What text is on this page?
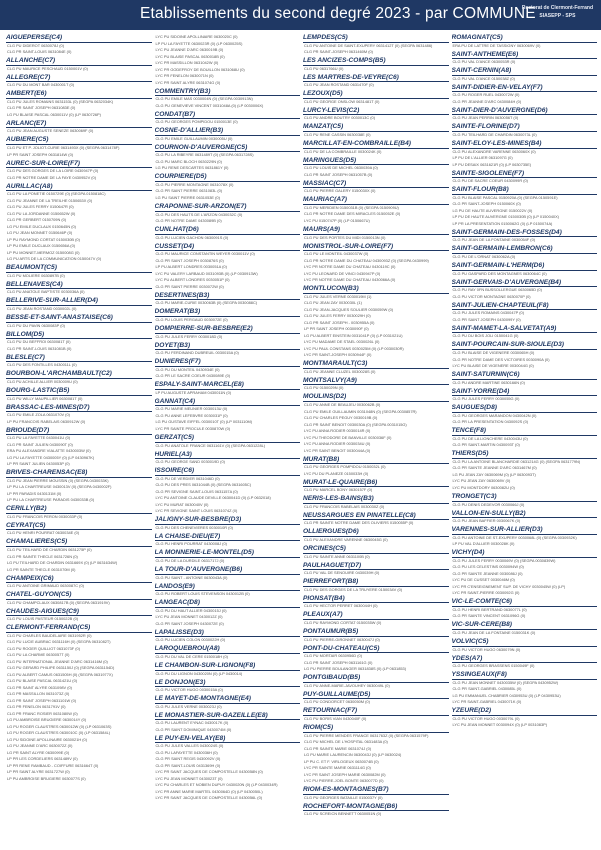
Etablissements du second degré 2023 - par COMMUNE
Rectorat de Clermont-Ferrand
SIASEPP - SPS
AIGUEPERSE(C4)
CLG PU DIDEROT 0630078J (0)
CLG PR SAINT-LOUIS 0631084E (0)
ALLANCHE(C7)
CLG PU MAURICE PESCHAUD 0150001V (0)
ALLEGRE(C7)
CLG PU DU MONT BAR 0430001T (0)
AMBERT(E6)
CLG PU JULES ROMAINS 0631153L (0) (SEGPA 0632034K)
CLG PR SAINT JOSEPH 0631083E (0)
LG PU BLAISE PASCAL 0630011V (0) (LP 0630726P)
ARLANC(E7)
CLG PU JEAN AUGUSTE SENEZE 0630069F (0)
AUBIERE(C5)
CLG PU ET P. JOLIOT-CURIE 0631493X (0) (SEGPA 0631478F)
LP PR SAINT JOSEPH 0631814W (0)
AUREC-SUR-LOIRE(F7)
CLG PU DES GORGES DE LA LOIRE 0430947P (0)
CLG PR NOTRE DAME DE LA FAYE 0430952V (0)
AURILLAC(A8)
CLG PU LA PONETIE 0150729E (0) (SEGPA 0150818C)
CLG PU JEANNE DE LA TREILHE 0150653X (0)
CLG PU JULES FERRY 0150647R (0)
CLG PU LA JORDANNE 0150652W (0)
CLG PR GERBERT 0150709N (0)
LG PU EMILE DUCLAUX 0150645N (0)
LG PU JEAN MONNET 0150646P (0)
LP PU RAYMOND CORTAT 0150030B (0)
LP PU EMILE DUCLAUX 0150656A (0)
LP PU MONNET-MERMOZ 0150008G (0)
LG PU ARTS DE LA COMMUNICATION 0150047V (0)
BEAUMONT(C5)
CLG PU MOLIERE 0630897B (0)
BELLENAVES(C4)
CLG PU ANATOLE BAPTISTE 0030036A (0)
BELLERIVE-SUR-ALLIER(D4)
CLG PU JEAN ROSTAND 0030002L (0)
BESSE-ET-SAINT-ANASTAISE(C6)
CLG PU DU PAVIN 0630083P (0)
BILLOM(D5)
CLG PU DU BEFFROI 0630081T (0)
CLG PR SAINT-LOUIS 0631081B (0)
BLESLE(C7)
CLG PU DES FONTILLES 0430011L (0)
BOURBON-L'ARCHAMBAULT(C2)
CLG PU ACHILLE ALLIER 0030009U (0)
BOURG-LASTIC(B5)
CLG PU WILLY MAUPILLIER 0630081T (0)
BRASSAC-LES-MINES(D7)
CLG PU EMILE ZOLA 0631070V (0)
LP PU FRANCOIS RABELAIS 0630912W (0)
BRIOUDE(D7)
CLG PU LA FAYETTE 0430041U (0)
CLG PR SAINT JULIEN 0430090T (0)
ERA PU ALEXANDRE VIALATTE 0430003W (0)
LG PU LA FAYETTE 0430005Y (0) (LP 0430967K)
LP PR SAINT JULIEN 0430053P (0)
BRIVES-CHARENSAC(E8)
CLG PU JEAN PIERRE MOUSSIN (0) (SEGPA 0430033K)
LP PU LA CHARTREUSE 0430013V (0) (SEGPA 0430002F)
LP PR PARADIS 0430131M (0)
LP PU LA CHARTREUSE PARADIS 0430033B (0)
CERILLY(B2)
CLG PU FRANCOIS PERON 0030033P (0)
CEYRAT(C5)
CLG PU HENRI POURRAT 0630034E (0)
CHAMALIERES(C5)
CLG PU TEILHARD DE CHARDIN 0631275P (0)
CLG PR SAINTE THECLE 0631726N (0)
LG PU TEILHARD DE CHARDIN 0631669X (0) (LP 0631634W)
LG PR SAINTE THECLE 0631070M (0)
CHAMPEIX(C6)
CLG PU ANTOINE GRIMAUD 0630087C (0)
CHATEL-GUYON(C5)
CLG PU CHAMPCLAUX 0630817B (0) (SEGPA 0631919V)
CHAUDES-AIGUES(C9)
CLG PU LOUIS PASTEUR 0150022B (0)
CLERMONT-FERRAND(C5)
CLG PU CHARLES BAUDELAIRE 0631952R (0)
CLG PU LUCIE AUBRAC 0631116H (0) (SEGPA 0631082T)
CLG PU ROGER QUILLIOT 0631073F (0)
CLG PU LA CHARME 0630057T (0)
CLG PU INTERNATIONAL JEANNE D'ARC 0631416M (0)
CLG PU GERARD PHILIPE 0631150J (0) (SEGPA 0631154D)
CLG PU ALBERT CAMUS 0631505H (0) (SEGPA 0631977X)
CLG PU BLAISE PASCAL 0631421U (0)
CLG PR SAINT ALYRE 0631098V (0)
CLG PR MASSILLON 0631073Z (0)
CLG PR SAINT JOSEPH 0631101W (0)
CLG PR FENELON 0631791V (0)
CLG PR FRANC ROSIER 0631080W (0)
LG PU AMBROISE BRUGIERE 0630014Y (0)
LG PU ROGER CLAUSTRES 0630012W (0) (LP 0631063S)
LG PU ROGER CLAUSTRES 0630010C (0) (LP 0631584L)
LG PU SIDOINE APOLLINAIRE 0630021H (0)
LG PU JEANNE D'ARC 0630072Z (0)
LG PR SAINT ALYRE 0630099E (0)
LP PR LES CORDELIERS 0631489V (0)
LP PR RENE RAMBAUD - COIFFURE 0631664T (0)
LP PR SAINT ALYRE 0631727W (0)
LP PU AMBROISE BRUGIERE 0630077S (0)
LYC PU SIDOINE APOLLINAIRE 0630020C (0)
LP PU LA FAYETTE 0630023R (0) (LP 0630025S)
LYC PU JEANNE D'ARC 0630019B (0)
LYC PU BLAISE PASCAL 0630018B (0)
LYC PR MASSILLON 0631042W (0)
LYC PR GODEFROY DE BOUILLON 0631068U (0)
LYC PR FENELON 0630071N (0)
LYC PR SAINT ALYRE 0631074G (0)
COMMENTRY(B3)
CLG PU EMILE MAS 0030004N (0) (SEGPA 0030913N)
CLG PU GENEVIEVE VINCENT 0031048A (0) (LP 0030006X)
CONDAT(B7)
CLG PU GEORGES POMPIDOU 0150013E (0)
COSNE-D'ALLIER(B3)
CLG PU EMILE GUILLAUMIN 0030005U (0)
COURNON-D'AUVERGNE(C5)
CLG PU LA RIBEYRE 0631489T (0) (SEGPA 0631728S)
CLG PU MARC BLOCH 0630229N (0)
LG PU RENE DESCARTES 0631861Y (0)
COURPIERE(D5)
CLG PU PIERRE MONTAGNE 0631078X (0)
CLG PR SAINT PIERRE 0631083L (0)
LG PU SAINT PIERRE 0631053E (0)
CRAPONNE-SUR-ARZON(E7)
CLG PU DES HAUTS DE L'ARZON 0430032C (0)
CLG PR NOTRE DAME 0430089B (0)
CUNLHAT(D6)
CLG PU LUCIEN GACHON 0630091S (0)
CUSSET(D4)
CLG PU MAURICE CONSTANTIN WEYER 0030011V (0)
CLG PR SAINT JOSEPH 0030876S (0)
LP PU ALBERT LONDRES 0030051A (0)
LYC PU VALERY LARBAUD 0031093B (0) (LP 0030913W)
LYC PU ALBERT LONDRES 0030051P (0)
CLG PR SAINT PIERRE 0030072W (0)
DESERTINES(B3)
CLG PU MARIE-CURIE 0030063B (0) (SEGPA 0030088C)
DOMERAT(B3)
CLG PU LOUIS PERGAUD 0030072E (0)
DOMPIERRE-SUR-BESBRE(E2)
CLG PU JULES FERRY 0030018D (0)
DOYET(B3)
CLG PU FERDINAND DUBREUIL 0030015A (0)
DUNIERES(F7)
CLG PU DU MONTEIL 0430934E (0)
CLG PR LE SACRE COEUR 0430089E (0)
ESPALY-SAINT-MARCEL(E8)
LP PU AUGUSTE APRAHAM 0430011N (0)
GANNAT(C4)
CLG PU MARIE MEUNIER 0030013U (0)
CLG PU ANNE LEFEBVRE 0030031P (0)
LG PU GUSTAVE EIFFEL 0030010T (0) (LP 0031110M)
LYC PR SAINTE PROCULE 0030870W (0)
GERZAT(C5)
CLG PU ANATOLE FRANCE 0631161V (0) (SEGPA 0631228L)
HURIEL(A3)
CLG PU GEORGE SAND 0030019D (0)
ISSOIRE(C6)
CLG PU DE VERDIER 0631046D (0)
CLG PU DES PRES 0631044B (0) (SEGPA 0631605C)
CLG PR SEVIGNE SAINT-LOUIS 0631157A (0)
LYC PU ANTOINE CLAUDE DEVILLE 0630041D (0) (LP 0632018)
LYC PU MURAT 0630040V (0)
LYC PR SEVIGNE SAINT LOUIS 0631074Z (0)
JALIGNY-SUR-BESBRE(D3)
CLG PU DES CHENEVIERES 0030010R (0)
LA CHAISE-DIEU(E7)
CLG PU HENRI POURRAT 0430008J (0)
LA MONNERIE-LE-MONTEL(D5)
CLG PU DE LA DURDILE 0631717J (0)
LA TOUR-D'AUVERGNE(B6)
CLG PU SAINT - ANTOINE 0630043A (0)
LANDOS(E9)
CLG PU ROBERT LOUIS STEVENSON 0430012B (0)
LANGEAC(D8)
CLG PU DU HAUT ALLIER 0430015J (0)
LYC PU JEAN MONNET 0430012Z (0)
CLG PR SAINT JOSEPH 0430072E (0)
LAPALISSE(D3)
CLG PU LUCIEN COLON 0030022H (0)
LAROQUEBROU(A8)
CLG PU DU VAL DE CERE 0150018H (0)
LE CHAMBON-SUR-LIGNON(F8)
CLG PU DU LIGNON 0430020N (0) (LP 0430014)
LE DONJON(E3)
CLG PU VICTOR HUGO 0030015A (0)
LE MAYET-DE-MONTAGNE(E4)
CLG PU JULES VERNE 0030023J (0)
LE MONASTIER-SUR-GAZEILLE(E8)
CLG PU LAURENT EYNAC 0430017K (0)
CLG PR SAINT DOMINIQUE 0430074M (0)
LE PUY-EN-VELAY(E8)
CLG PU JULES VALLES 0430024S (0)
CLG PU LAFAYETTE 0430036H (0)
CLG PR SAINT REGIS 0430092V (0)
CLG PR SAINT-LOUIS 0431369H (0)
LYC PR SAINT JACQUES DE COMPOSTELLE 0430058N (0)
LYC PU JEAN MONNET 0430023T (0)
LYC PU CHARLES ET NOBIEN DUPUY 0430020N (0) (LP 0430034R)
LYC PR ANNE MARIE MARTEL 0430064D (0) (LP 0430050L)
LYC PR SAINT JACQUES DE COMPOSTELLE 0430056L (0)
LEMPDES(C5)
CLG PU ANTOINE DE SAINT-EXUPERY 0631412T (0) (SEGPA 0631486)
CLG PR SAINT-JOSEPH 0631460M (0)
LES ANCIZES-COMPS(B5)
CLG PU 0631766U (0)
LES MARTRES-DE-VEYRE(C6)
CLG PU JEAN ROSTAND 0631470F (0)
LEZOUX(D5)
CLG PU GEORGE ONSLOW 0631481T (0)
LURCY-LEVIS(C2)
CLG PU ANDRE BOUTRY 0030013C (0)
MANZAT(C5)
CLG PU RENE CASSIN 0630038E (0)
MARCILLAT-EN-COMBRAILLE(B4)
CLG PU DE LA COMBRAILLE 0030024K (0)
MARINGUES(D5)
CLG PU LOUIS DE MICHEL 0630039A (0)
CLG PR SAINT JOSEPH 0631057B (0)
MASSIAC(C7)
CLG PU PIERRE GALERY 0150030X (0)
MAURIAC(A7)
CLG PU MERIDIEN 0150031B (0) (SEGPA 0150909U)
CLG PR NOTRE DAME DES MIRACLES 0150052E (0)
LYC PU 0150747P (0) (LP 0150667U)
MAURS(A9)
CLG PU DES PORTES DU MIDI 0150013N (0)
MONISTROL-SUR-LOIRE(F7)
CLG PU LE MONTEIL 0430037W (0)
CLG PR NOTRE DAME DU CHATEAU 0430093Z (0) (SEGPA 0430999)
LYC PR NOTRE DAME DU CHATEAU 0430119C (0)
LYC PU LEONARD DE VINCI 0430947P (0)
LYC PR NOTRE DAME DU CHATEAU 0430066A (0)
MONTLUCON(B3)
CLG PU JULES VERNE 0030019M (1)
CLG PU JEAN ZAY 0030030L (1)
CLG PU JEAN-JACQUES SOULIER 0030059W (0)
CLG PU JULES FERRY 0030029H (0)
CLG PR SAINT JOSEPH - 0030955A (0)
LP PR SAINT JOSEPH 0030090F (0)
LG PU ALBERT EINSTEIN 0031041P (0) (LP 0031021U)
LYC PU MADAME DE STAEL 0030026L (0)
LYC PU PAUL CONSTANS 0030025M (0) (LP 0030030R)
LYC PR SAINT-JOSEPH 0030944F (0)
MONTMARAULT(C3)
CLG PU JEANNE CLUZEL 0030028S (0)
MONTSALVY(A9)
CLG PU 0150029N (0)
MOULINS(D2)
CLG PU ANNE DE BEAUJEU 0030062B (0)
CLG PU EMILE GUILLAUMIN 0031048N (0) (SEGPA 0030857R)
CLG PU CHARLES PEGUY 0030019B (0)
CLG PR SAINT BENOIT 0030030A (0) (SEGPA 0031015G)
LYC PU ANNA RODIER 0030014R (0)
LYC PU THEODORE DE BANVILLE 0030036F (0)
LYC PU ANNA RODIER 0030034U (0)
LYC PR SAINT BENOIT 0030044A (0)
MURAT(B8)
CLG PU GEORGES POMPIDOU 0150032L (0)
LYC PU DU PLANEZE 0150033H (0)
MURAT-LE-QUAIRE(B6)
CLG PU MARCEL BONY 0630157F (0)
NERIS-LES-BAINS(B3)
CLG PU FRANCOIS RABELAIS 0030030Z (0)
NEUSSARGUES EN PINATELLE(C8)
CLG PR SAINTE NOTRE DAME DES OLIVIERS 0150055P (0)
OLLIERGUES(D6)
CLG PU ALEXANDRE VARENNE 0630045G (0)
ORCINES(C5)
CLG PU SAINTE ANNE 0631100B (0)
PAULHAGUET(D7)
CLG PU VAL DE SENOUIRE 0430039H (0)
PIERREFORT(B8)
CLG PU DES GORGES DE LA TRUYERE 0150034V (0)
PIONSAT(B4)
CLG PU HECTOR PERRET 0630044H (0)
PLEAUX(A7)
CLG PU RAYMOND CORTAT 0150035W (0)
PONTAUMUR(B5)
CLG PU PIERRE-GIRONNET 0630047J (0)
PONT-DU-CHATEAU(C5)
CLG PU MORTAIR 0630956D (0)
CLG PR SAINT JOSEPH 0631161G (0)
LG PU PIERRE BOULANGER 0631838S (0) (LP 0631853)
PONTGIBAUD(B5)
CLG PU ANNE-MARIE-JAVOUHEY 0630049L (0)
PUY-GUILLAUME(D5)
CLG PU CONDORCET 0630050M (0)
RETOURNAC(F7)
CLG PU BORIS VIAN 0430040F (0)
RIOM(C5)
CLG PU PIERRE MENDES FRANCE 0631763Z (0) (SEGPA 0631579F)
CLG PU MICHEL DE L'HOSPITAL 0631483A (0)
CLG PR SAINTE MARIE 0631074J (0)
LG PU MARIE LAURENCIN 0630043J (0) (LP 0630024)
LP PU C. ET F. VIRLOGEUX 0630074B (0)
LYC PR SAINTE MARIE 0631114G (0)
LYC PR SAINT JOSEPH MARIE 0630082M (0)
LYC PU PIERRE-JOEL BONTE 0630077D (0)
RIOM-ES-MONTAGNES(B7)
CLG PU GEORGES BATAILLE 0150037Y (0)
ROCHEFORT-MONTAGNE(B6)
CLG PU SCREICN BENNETT 0630051N (0)
ROMAGNAT(C5)
ERA PU DE LATTRE DE TASSIGNY 0630069V (0)
SAINT-ANTHEME(E6)
CLG PU VAL D'ANCE 0630053R (0)
SAINT-CERNIN(A8)
CLG PU VAL D'ANCE 0150038Z (0)
SAINT-DIDIER-EN-VELAY(F7)
CLG PU ROGER RUEL 0430072W (0)
CLG PR JEANNE D'ARC 0430084H (0)
SAINT-DIER-D'AUVERGNE(D6)
CLG PU JEAN PERRIN 0630056T (0)
SAINTE-FLORINE(D7)
CLG PU TEILHARD DE CHARDIN 0630073L (0)
SAINT-ELOY-LES-MINES(B4)
CLG PU ALEXANDRE VARENNE 0630060X (0)
LP PU DE L'ALLIER 0631097G (0)
LP PU DESAIX 0631621R (0) (LP 0630735E)
SAINTE-SIGOLENE(F7)
CLG PU DE SACRE COEUR 0430099R (0)
SAINT-FLOUR(B8)
CLG PU BLAISE PASCAL 0150920A (0) (SEGPA 0150591E)
CLG PR SAINT-JOSEPH 0150060X (0)
LG PU DE HAUTE AUVERGNE 0150022V (0)
LP PU DE HAUTE AUVERGNE 0150030B (0) (LP 0150040X)
LP PR LA PRESENTATION 0150062G (0) (LP 0150074A)
SAINT-GERMAIN-DES-FOSSES(D4)
CLG PU JEAN DE LA FONTAINE 0030054F (0)
SAINT-GERMAIN-LEMBRON(C6)
CLG PU DE L'ORNAT 0630062A (0)
SAINT-GERMAIN-L'HERM(D6)
CLG PU GASPARD DES MONTAGNES 0630064C (0)
SAINT-GERVAIS-D'AUVERGNE(B4)
CLG PU RAY 0FN BUSSOLLERGUE 0630065D (0)
CLG PU VICTOR MONTAGNE 0630070P (0)
SAINT-JULIEN-CHAPTEUIL(F8)
CLG PU JULES ROMAINS 0430047P (0)
CLG PR SAINT JOSEPH 0430099Y (0)
SAINT-MAMET-LA-SALVETAT(A9)
CLG PU DU BOIS JOLI 0150041G (0)
SAINT-POURCAIN-SUR-SIOULE(D3)
CLG PU BLAISE DE VIGENERE 0030065H (0)
CLG PR NOTRE DAME DES VICTOIRES 0030090A (0)
LYC PU BLAISE DE VIGENERE 0030044G (0)
SAINT-SATURNIN(C6)
CLG PU ANDRE MARTINE 0630166N (0)
SAINT-YORRE(D4)
CLG PU JULES FERRY 0030055G (0)
SAUGUES(D8)
CLG PU GEORGES MARANDON 0430042N (0)
CLG PR LA PRESENTATION 0430092S (0)
TENCE(F8)
CLG PU DE LA LIONCHERE 0430043U (0)
CLG PR SAINT-MARTIN 0430093T (0)
THIERS(D5)
CLG PU LA ANTOINE BLANCHARDIE 0631214G (0) (SEGPA 0631779N)
CLG PR SAINTE JEANNE D'ARC 0631467M (0)
LG PU JEAN ZAY 0630069M (0) (LP 0630093T)
LYC PU JEAN ZAY 0630069V (0)
LYC PU MONTDORY 0630082U (0)
TRONGET(C3)
CLG PU DENIS DEDEVOR 0030066J (0)
VALLON-EN-SULLY(B2)
CLG PU JEAN BAFFIER 0030067K (0)
VARENNES-SUR-ALLIER(D3)
CLG PU ANTOINE DE ST-EXUPERY 0030068L (0) (SEGPA 0030932K)
LP PU VAL D'ALLIER 0030028K (0)
VICHY(D4)
CLG PU JULES FERRY 0030069V (0) (SEGPA 0030839W)
CLG PU LES CELESTINS 0030094W (0)
CLG PR SAINTE JEANNE 0030086J (0)
LYC PU DE CUSSET 0030046M (0)
LYC PR C'ENSEIGNEMENT SUP. DE VICHY 0030045W (0) (LP)
LYC PR SAINT-PIERRE 0030092G (0)
VIC-LE-COMTE(C6)
CLG PU HENRI BERTRAND 0630077L (0)
CLG PR SAINTE VINCENT 0631096G (0)
VIC-SUR-CERE(B8)
CLG PU JEAN DE LA FONTAINE 0150031K (0)
VOLVIC(C5)
CLG PU VICTOR HUGO 0630079N (0)
YDES(A7)
CLG PU GEORGES BRASSENS 0150049F (0)
YSSINGEAUX(F8)
CLG PU JEAN MONNET 0430035W (0) (SEGPA 0430952W)
CLG PR SAINT-GABRIEL 0430085L (0)
LG PU EMMANUEL CHABRIER 0430953U (0) (LP 0430953U)
LYC PR SAINT-GABRIEL 0430071K (0)
YZEURE(D2)
CLG PU VICTOR HUGO 0030079L (0)
LYC PU JEAN MONNET 0030094X (0) (LP 0031083P)
